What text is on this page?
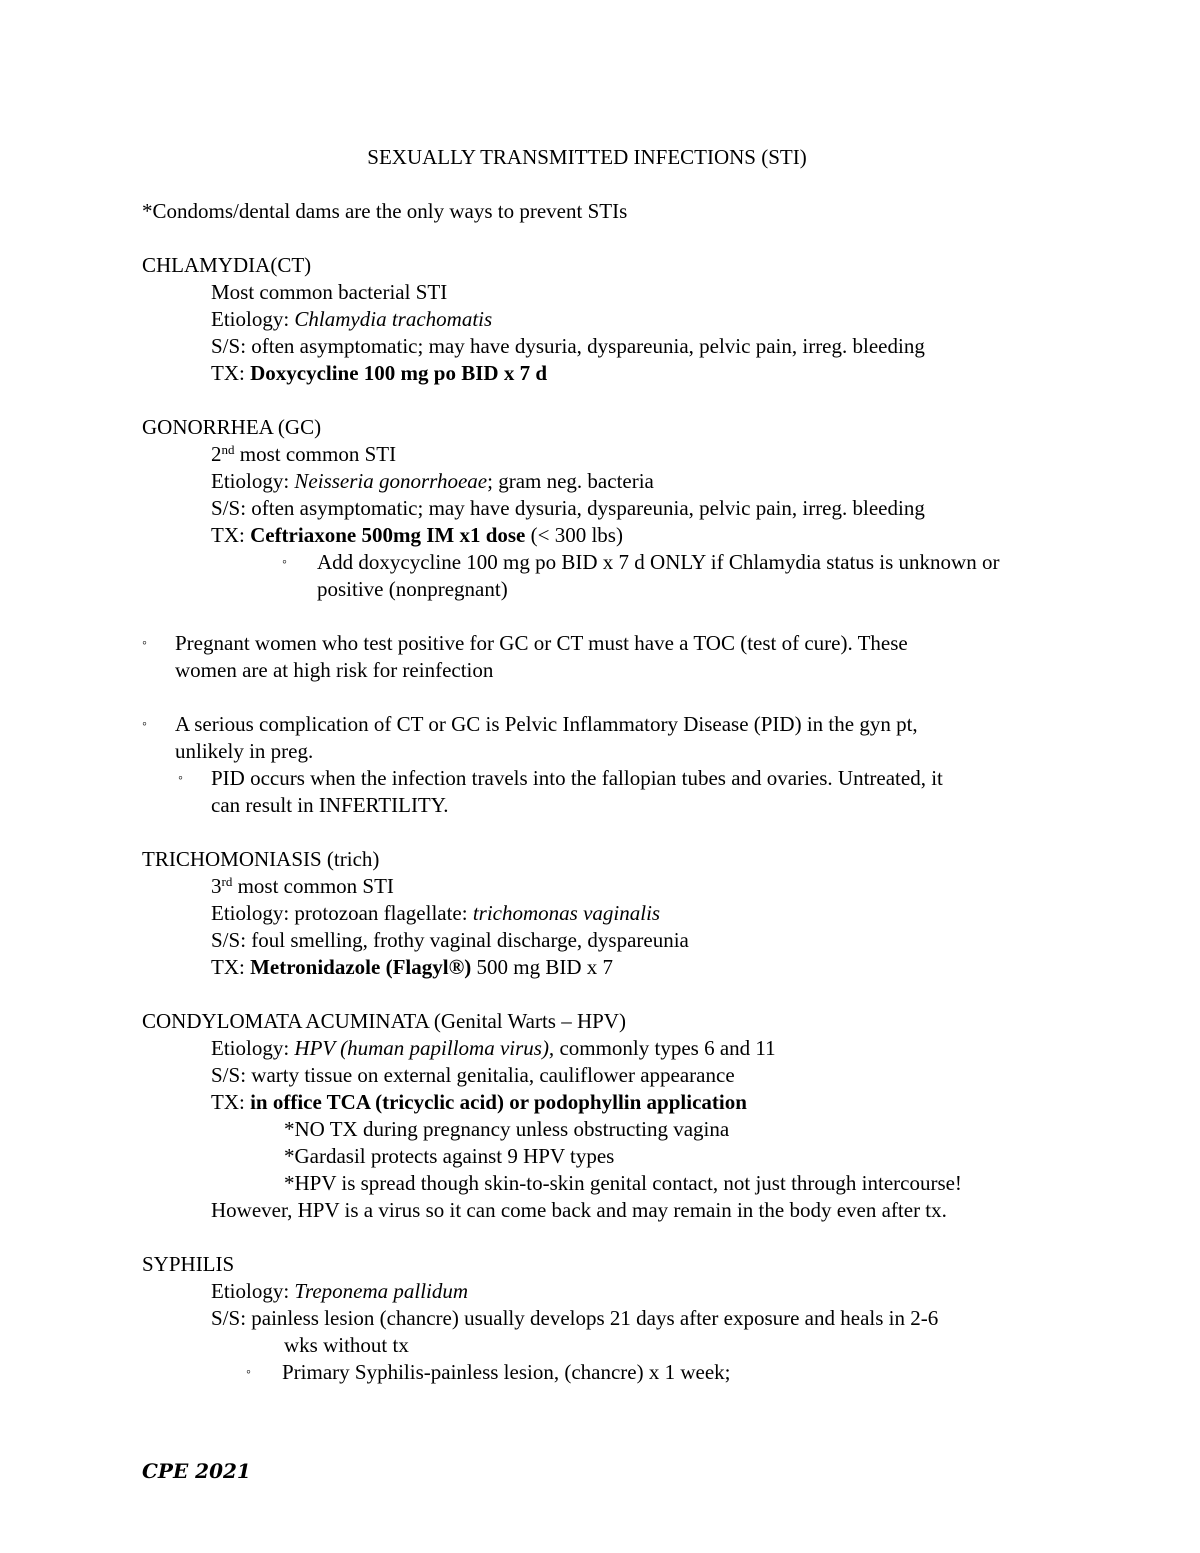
SEXUALLY TRANSMITTED INFECTIONS (STI)
*Condoms/dental dams are the only ways to prevent STIs
CHLAMYDIA(CT)
Most common bacterial STI
Etiology: Chlamydia trachomatis
S/S: often asymptomatic; may have dysuria, dyspareunia, pelvic pain, irreg. bleeding
TX: Doxycycline 100 mg po BID x 7 d
GONORRHEA (GC)
2nd most common STI
Etiology: Neisseria gonorrhoeae; gram neg. bacteria
S/S: often asymptomatic; may have dysuria, dyspareunia, pelvic pain, irreg. bleeding
TX: Ceftriaxone 500mg IM x1 dose (< 300 lbs)
◦ Add doxycycline 100 mg po BID x 7 d ONLY if Chlamydia status is unknown or
positive (nonpregnant)
◦ Pregnant women who test positive for GC or CT must have a TOC (test of cure). These
women are at high risk for reinfection
◦ A serious complication of CT or GC is Pelvic Inflammatory Disease (PID) in the gyn pt,
unlikely in preg.
◦ PID occurs when the infection travels into the fallopian tubes and ovaries. Untreated, it
can result in INFERTILITY.
TRICHOMONIASIS (trich)
3rd most common STI
Etiology: protozoan flagellate: trichomonas vaginalis
S/S: foul smelling, frothy vaginal discharge, dyspareunia
TX: Metronidazole (Flagyl®) 500 mg BID x 7
CONDYLOMATA ACUMINATA (Genital Warts – HPV)
Etiology: HPV (human papilloma virus), commonly types 6 and 11
S/S: warty tissue on external genitalia, cauliflower appearance
TX: in office TCA (tricyclic acid) or podophyllin application
*NO TX during pregnancy unless obstructing vagina
*Gardasil protects against 9 HPV types
*HPV is spread though skin-to-skin genital contact, not just through intercourse!
However, HPV is a virus so it can come back and may remain in the body even after tx.
SYPHILIS
Etiology: Treponema pallidum
S/S: painless lesion (chancre) usually develops 21 days after exposure and heals in 2-6
wks without tx
◦ Primary Syphilis-painless lesion, (chancre) x 1 week;
CPE 2021
